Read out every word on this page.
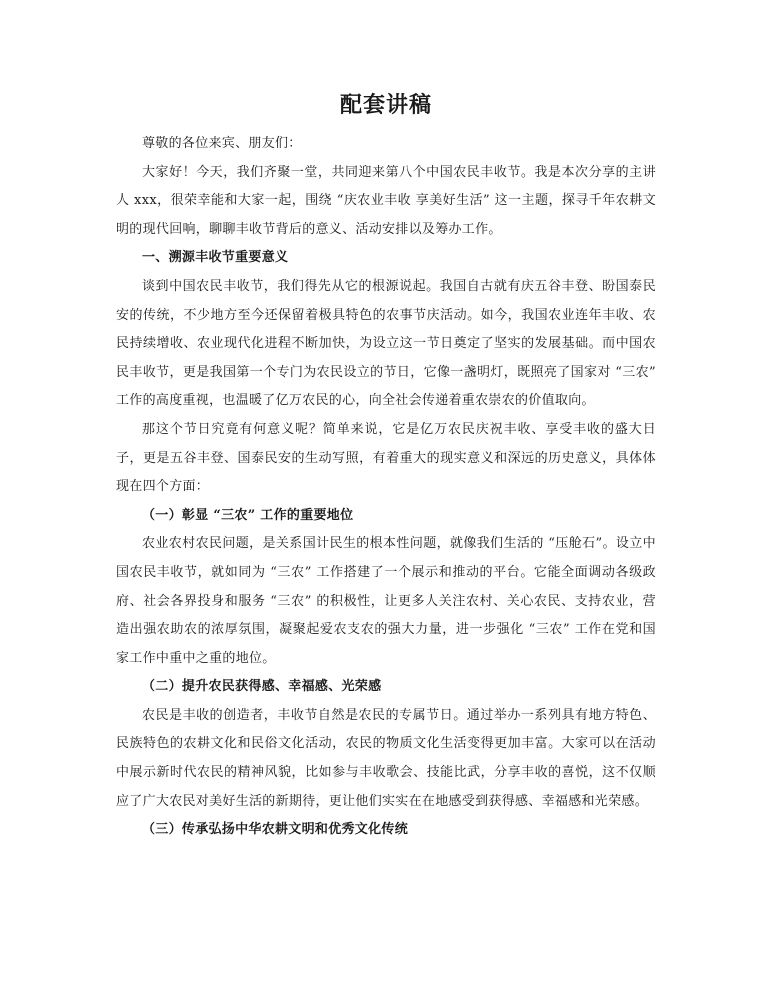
配套讲稿

尊敬的各位来宾、朋友们：

大家好！今天，我们齐聚一堂，共同迎来第八个中国农民丰收节。我是本次分享的主讲人 xxx，很荣幸能和大家一起，围绕 “庆农业丰收 享美好生活” 这一主题，探寻千年农耕文明的现代回响，聊聊丰收节背后的意义、活动安排以及筹办工作。

一、溯源丰收节重要意义

谈到中国农民丰收节，我们得先从它的根源说起。我国自古就有庆五谷丰登、盼国泰民安的传统，不少地方至今还保留着极具特色的农事节庆活动。如今，我国农业连年丰收、农民持续增收、农业现代化进程不断加快，为设立这一节日奠定了坚实的发展基础。而中国农民丰收节，更是我国第一个专门为农民设立的节日，它像一盏明灯，既照亮了国家对 “三农” 工作的高度重视，也温暖了亿万农民的心，向全社会传递着重农崇农的价值取向。

那这个节日究竟有何意义呢？简单来说，它是亿万农民庆祝丰收、享受丰收的盛大日子，更是五谷丰登、国泰民安的生动写照，有着重大的现实意义和深远的历史意义，具体体现在四个方面：

（一）彰显 “三农” 工作的重要地位

农业农村农民问题，是关系国计民生的根本性问题，就像我们生活的 “压舱石”。设立中国农民丰收节，就如同为 “三农” 工作搭建了一个展示和推动的平台。它能全面调动各级政府、社会各界投身和服务 “三农” 的积极性，让更多人关注农村、关心农民、支持农业，营造出强农助农的浓厚氛围，凝聚起爱农支农的强大力量，进一步强化 “三农” 工作在党和国家工作中重中之重的地位。

（二）提升农民获得感、幸福感、光荣感

农民是丰收的创造者，丰收节自然是农民的专属节日。通过举办一系列具有地方特色、民族特色的农耕文化和民俗文化活动，农民的物质文化生活变得更加丰富。大家可以在活动中展示新时代农民的精神风貌，比如参与丰收歌会、技能比武，分享丰收的喜悦，这不仅顺应了广大农民对美好生活的新期待，更让他们实实在在地感受到获得感、幸福感和光荣感。

（三）传承弘扬中华农耕文明和优秀文化传统
